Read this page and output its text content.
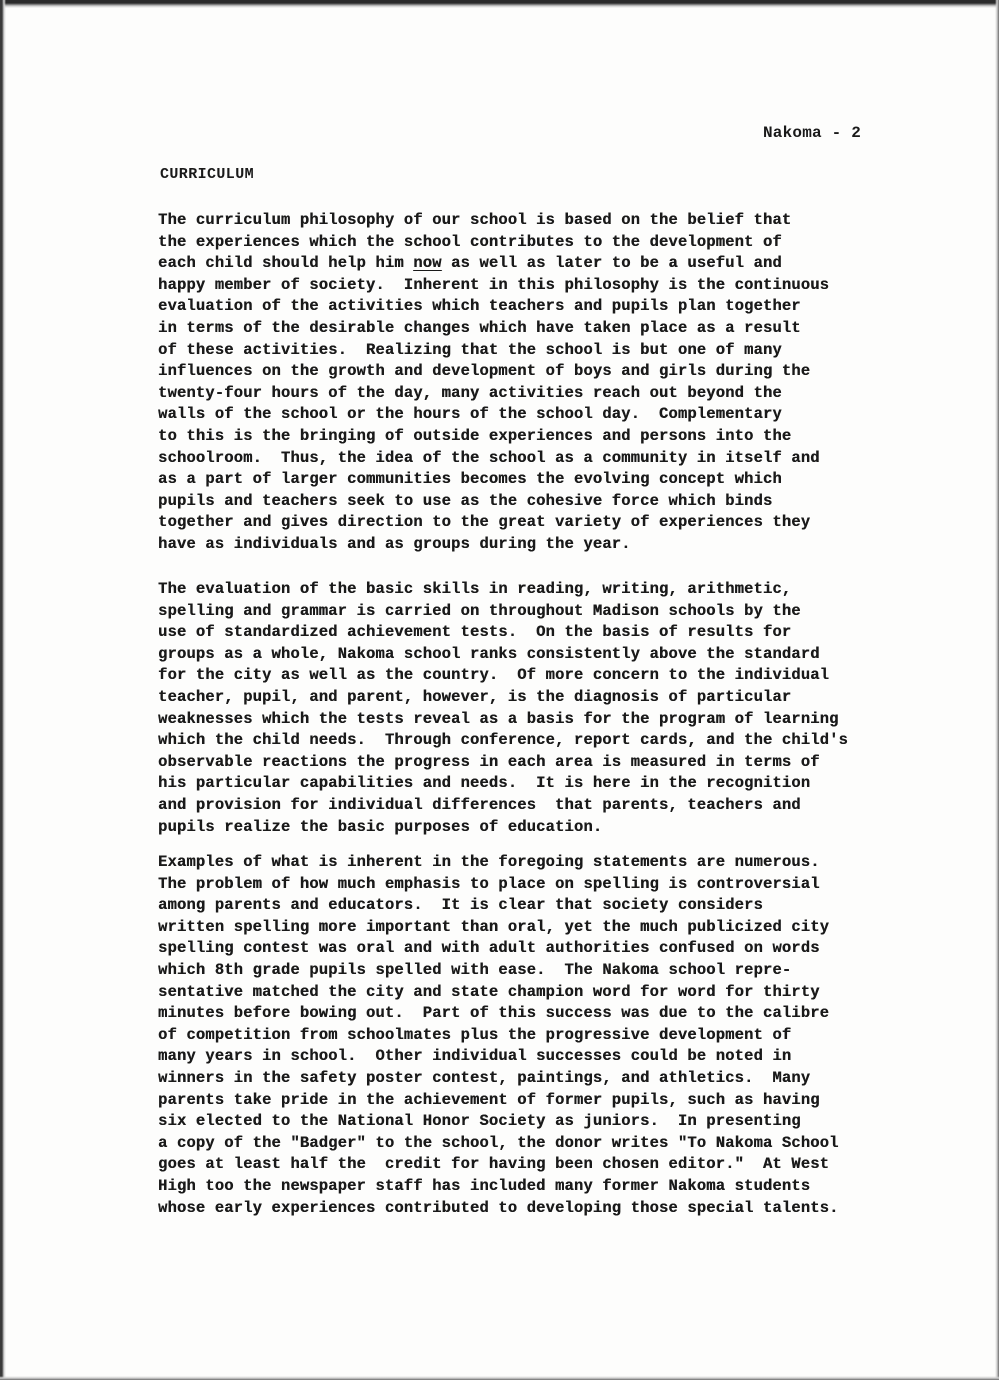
Nakoma - 2
CURRICULUM
The curriculum philosophy of our school is based on the belief that
the experiences which the school contributes to the development of
each child should help him now as well as later to be a useful and
happy member of society.  Inherent in this philosophy is the continuous
evaluation of the activities which teachers and pupils plan together
in terms of the desirable changes which have taken place as a result
of these activities.  Realizing that the school is but one of many
influences on the growth and development of boys and girls during the
twenty-four hours of the day, many activities reach out beyond the
walls of the school or the hours of the school day.  Complementary
to this is the bringing of outside experiences and persons into the
schoolroom.  Thus, the idea of the school as a community in itself and
as a part of larger communities becomes the evolving concept which
pupils and teachers seek to use as the cohesive force which binds
together and gives direction to the great variety of experiences they
have as individuals and as groups during the year.
The evaluation of the basic skills in reading, writing, arithmetic,
spelling and grammar is carried on throughout Madison schools by the
use of standardized achievement tests.  On the basis of results for
groups as a whole, Nakoma school ranks consistently above the standard
for the city as well as the country.  Of more concern to the individual
teacher, pupil, and parent, however, is the diagnosis of particular
weaknesses which the tests reveal as a basis for the program of learning
which the child needs.  Through conference, report cards, and the child's
observable reactions the progress in each area is measured in terms of
his particular capabilities and needs.  It is here in the recognition
and provision for individual differences  that parents, teachers and
pupils realize the basic purposes of education.
Examples of what is inherent in the foregoing statements are numerous.
The problem of how much emphasis to place on spelling is controversial
among parents and educators.  It is clear that society considers
written spelling more important than oral, yet the much publicized city
spelling contest was oral and with adult authorities confused on words
which 8th grade pupils spelled with ease.  The Nakoma school repre-
sentative matched the city and state champion word for word for thirty
minutes before bowing out.  Part of this success was due to the calibre
of competition from schoolmates plus the progressive development of
many years in school.  Other individual successes could be noted in
winners in the safety poster contest, paintings, and athletics.  Many
parents take pride in the achievement of former pupils, such as having
six elected to the National Honor Society as juniors.  In presenting
a copy of the "Badger" to the school, the donor writes "To Nakoma School
goes at least half the  credit for having been chosen editor."  At West
High too the newspaper staff has included many former Nakoma students
whose early experiences contributed to developing those special talents.
